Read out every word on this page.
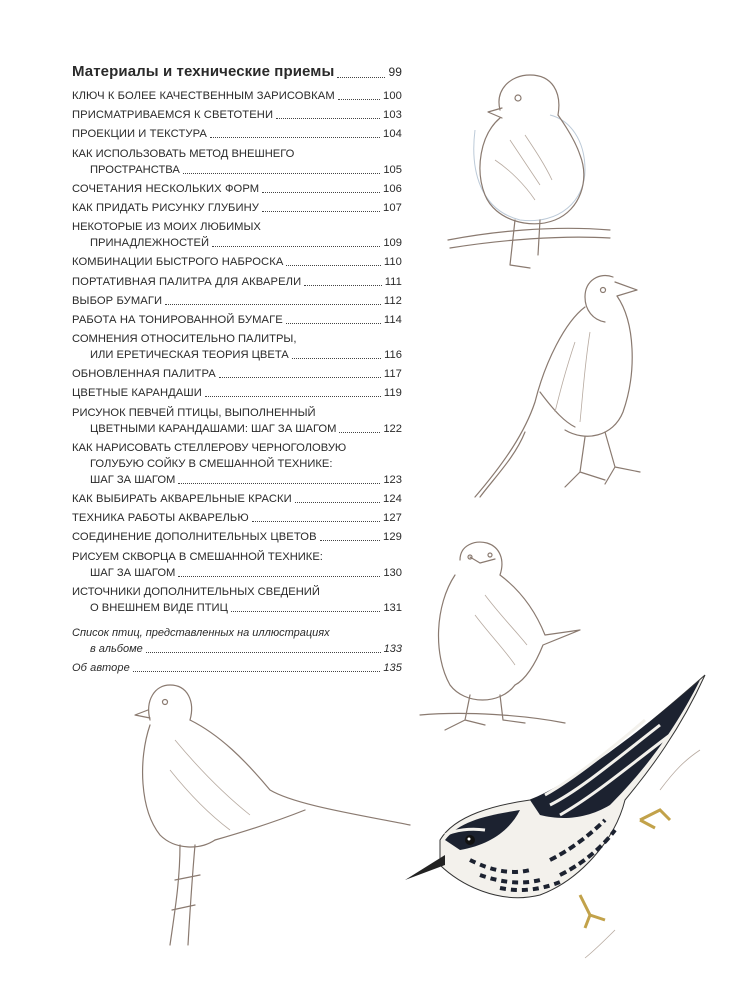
Материалы и технические приемы	99
КЛЮЧ К БОЛЕЕ КАЧЕСТВЕННЫМ ЗАРИСОВКАМ	100
ПРИСМАТРИВАЕМСЯ К СВЕТОТЕНИ	103
ПРОЕКЦИИ И ТЕКСТУРА	104
КАК ИСПОЛЬЗОВАТЬ МЕТОД ВНЕШНЕГО
ПРОСТРАНСТВА	105
СОЧЕТАНИЯ НЕСКОЛЬКИХ ФОРМ	106
КАК ПРИДАТЬ РИСУНКУ ГЛУБИНУ	107
НЕКОТОРЫЕ ИЗ МОИХ ЛЮБИМЫХ
ПРИНАДЛЕЖНОСТЕЙ	109
КОМБИНАЦИИ БЫСТРОГО НАБРОСКА	110
ПОРТАТИВНАЯ ПАЛИТРА ДЛЯ АКВАРЕЛИ	111
ВЫБОР БУМАГИ	112
РАБОТА НА ТОНИРОВАННОЙ БУМАГЕ	114
СОМНЕНИЯ ОТНОСИТЕЛЬНО ПАЛИТРЫ,
ИЛИ ЕРЕТИЧЕСКАЯ ТЕОРИЯ ЦВЕТА	116
ОБНОВЛЕННАЯ ПАЛИТРА	117
ЦВЕТНЫЕ КАРАНДАШИ	119
РИСУНОК ПЕВЧЕЙ ПТИЦЫ, ВЫПОЛНЕННЫЙ
ЦВЕТНЫМИ КАРАНДАШАМИ: ШАГ ЗА ШАГОМ	122
КАК НАРИСОВАТЬ СТЕЛЛЕРОВУ ЧЕРНОГОЛОВУЮ
ГОЛУБУЮ СОЙКУ В СМЕШАННОЙ ТЕХНИКЕ:
ШАГ ЗА ШАГОМ	123
КАК ВЫБИРАТЬ АКВАРЕЛЬНЫЕ КРАСКИ	124
ТЕХНИКА РАБОТЫ АКВАРЕЛЬЮ	127
СОЕДИНЕНИЕ ДОПОЛНИТЕЛЬНЫХ ЦВЕТОВ	129
РИСУЕМ СКВОРЦА В СМЕШАННОЙ ТЕХНИКЕ:
ШАГ ЗА ШАГОМ	130
ИСТОЧНИКИ ДОПОЛНИТЕЛЬНЫХ СВЕДЕНИЙ
О ВНЕШНЕМ ВИДЕ ПТИЦ	131
Список птиц, представленных на иллюстрациях
в альбоме	133
Об авторе	135
